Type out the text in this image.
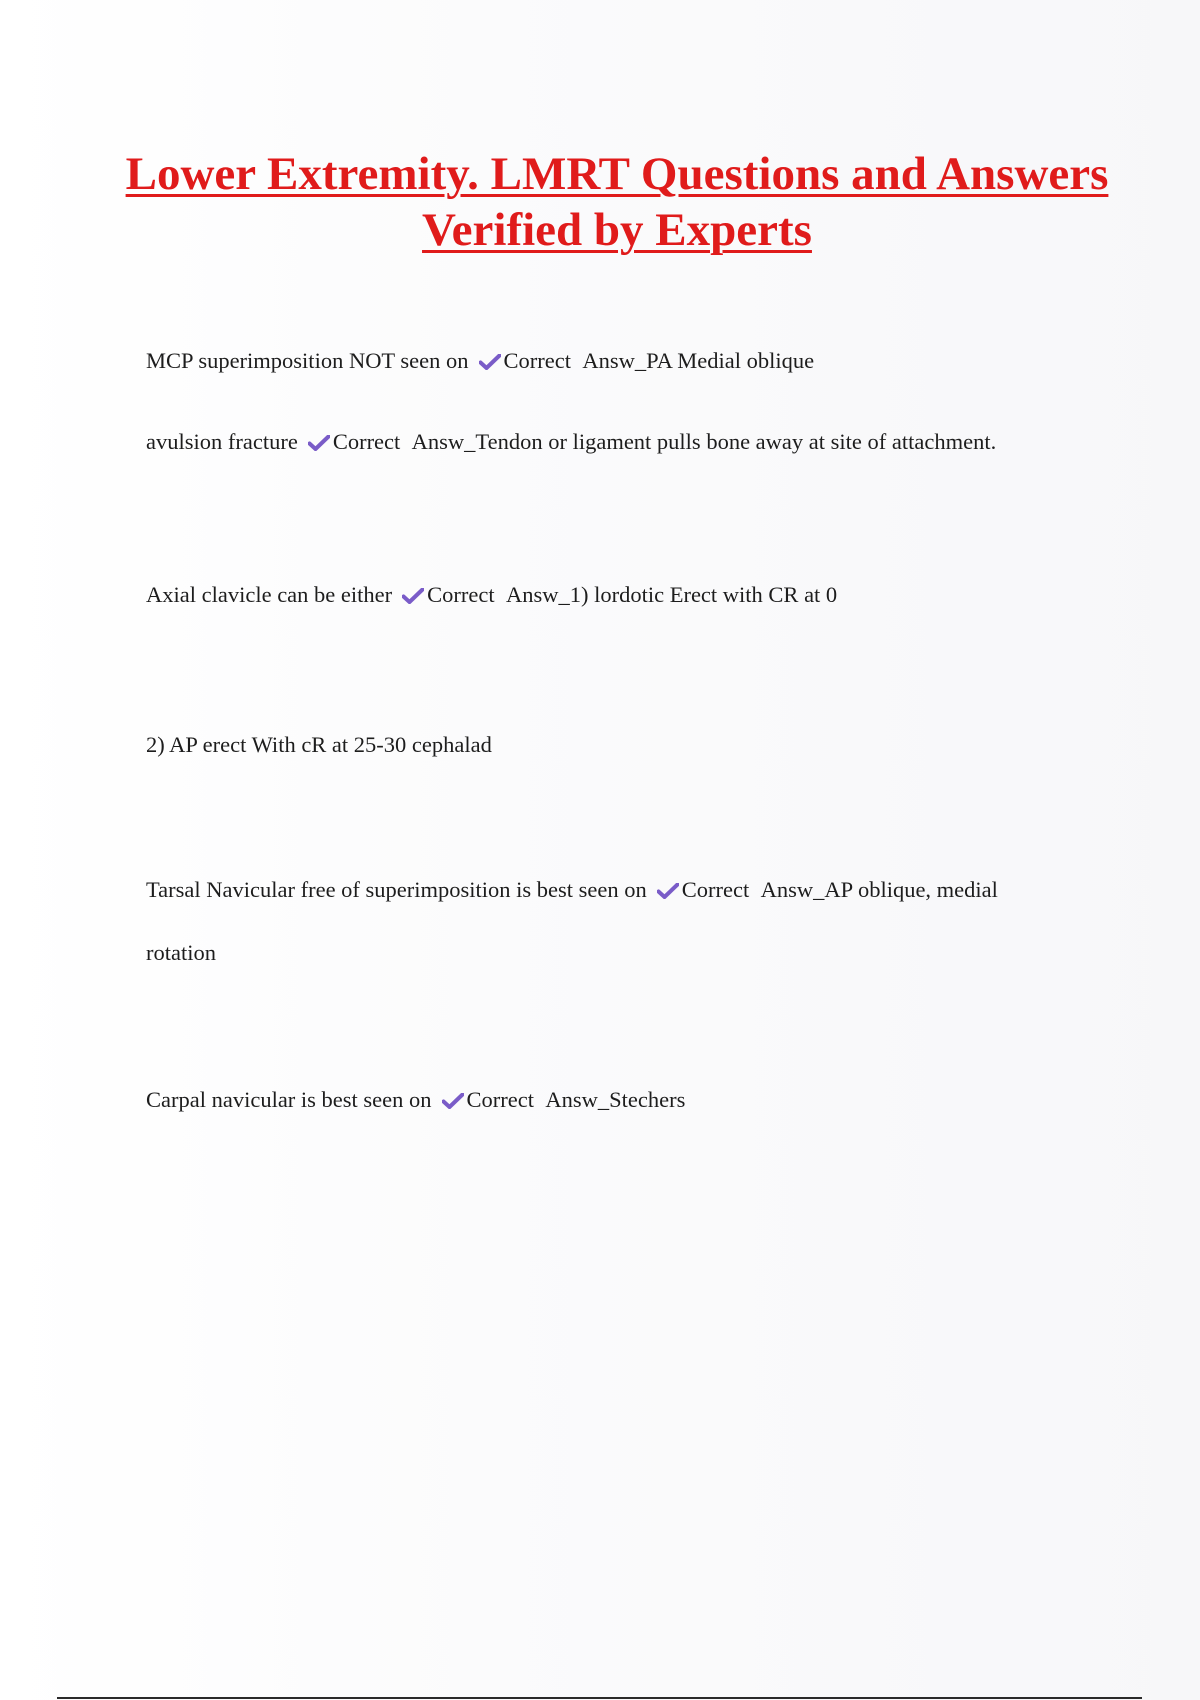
Lower Extremity. LMRT Questions and Answers Verified by Experts
MCP superimposition NOT seen on Correct Answ_PA Medial oblique
avulsion fracture Correct Answ_Tendon or ligament pulls bone away at site of attachment.
Axial clavicle can be either Correct Answ_1) lordotic Erect with CR at 0
2) AP erect With cR at 25-30 cephalad
Tarsal Navicular free of superimposition is best seen on Correct Answ_AP oblique, medial
rotation
Carpal navicular is best seen on Correct Answ_Stechers
